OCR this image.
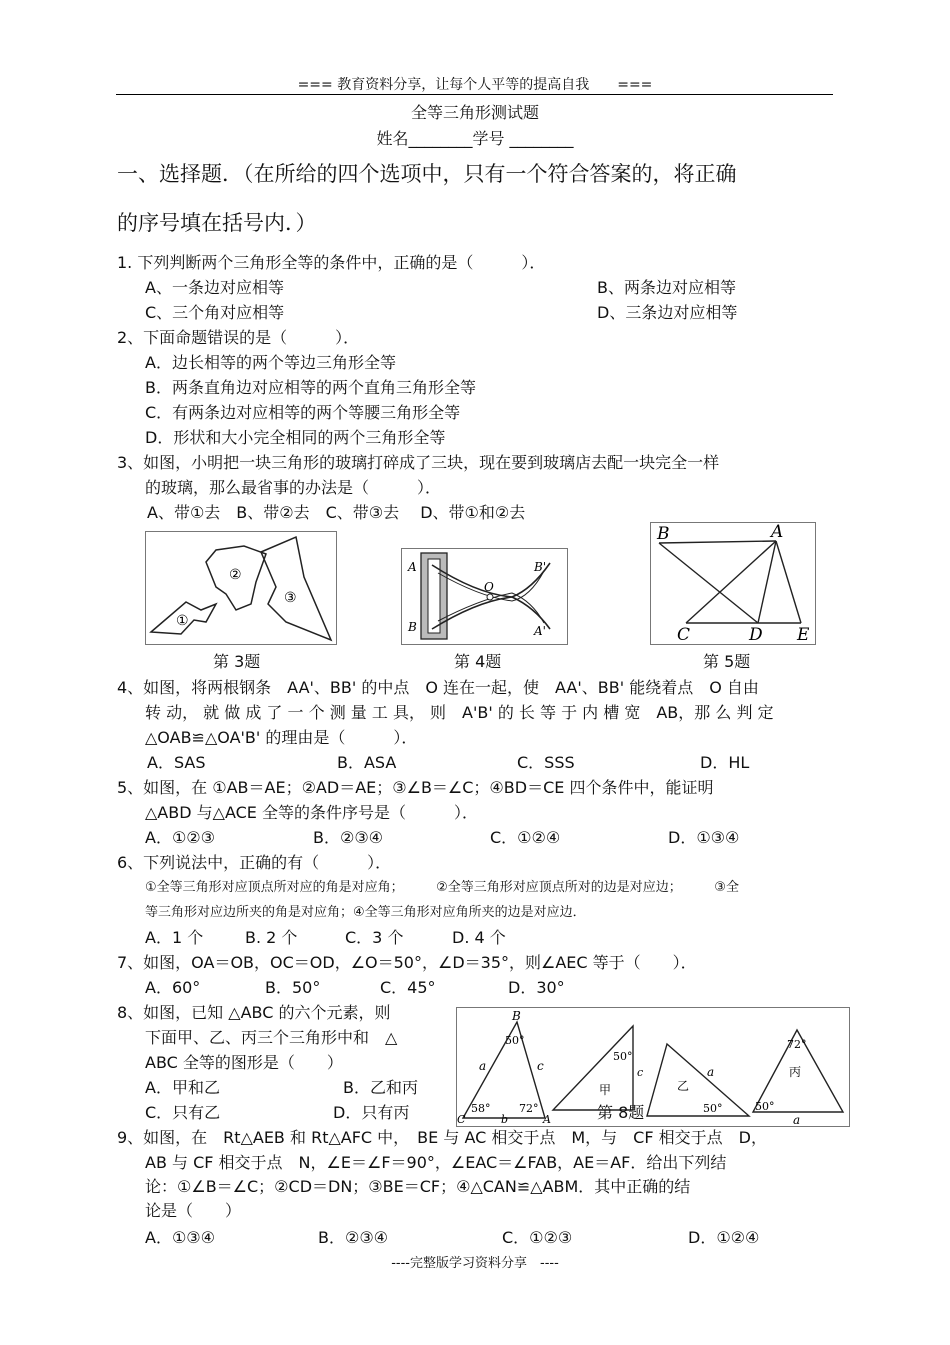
=== 教育资料分享，让每个人平等的提高自我　　===
全等三角形测试题
姓名________学号 ________
一、选择题．（在所给的四个选项中，只有一个符合答案的，将正确
的序号填在括号内．）
1. 下列判断两个三角形全等的条件中，正确的是（　　　）．
A、一条边对应相等	B、两条边对应相等
C、三个角对应相等	D、三条边对应相等
2、下面命题错误的是（　　　）．
A．边长相等的两个等边三角形全等
B．两条直角边对应相等的两个直角三角形全等
C．有两条边对应相等的两个等腰三角形全等
D．形状和大小完全相同的两个三角形全等
3、如图，小明把一块三角形的玻璃打碎成了三块，现在要到玻璃店去配一块完全一样
的玻璃，那么最省事的办法是（　　　）．
A、带①去　B、带②去　C、带③去　 D、带①和②去
①
②
③
A
B
O
B'
A'
B	A
C	D E
第 3题	第 4题	第 5题
4、如图，将两根钢条　AA'、BB' 的中点　O 连在一起，使　AA'、BB' 能绕着点　O 自由
转 动， 就 做 成 了 一 个 测 量 工 具， 则　A'B' 的 长 等 于 内 槽 宽　AB，那 么 判 定
△OAB≌△OA'B' 的理由是（　　　）．
A．SAS	B．ASA	C．SSS	D．HL
5、如图，在 ①AB＝AE；②AD＝AE；③∠B＝∠C；④BD＝CE 四个条件中，能证明
△ABD 与△ACE 全等的条件序号是（　　　）．
A．①②③	B．②③④	C．①②④	D．①③④
6、下列说法中，正确的有（　　　）．
①全等三角形对应顶点所对应的角是对应角；　　　②全等三角形对应顶点所对的边是对应边；　　　③全
等三角形对应边所夹的角是对应角；④全等三角形对应角所夹的边是对应边．
A．1 个	B. 2 个	C．3 个	D. 4 个
7、如图，OA＝OB，OC＝OD，∠O＝50°，∠D＝35°，则∠AEC 等于（　　）．
A．60°	B．50°	C．45°	D．30°
8、如图，已知 △ABC 的六个元素，则
下面甲、乙、丙三个三角形中和　△
ABC 全等的图形是（　　）
A．甲和乙	B．乙和丙
C．只有乙	D．只有丙
B
50°
a	c
58°	72°
b	A
C
50°
c
甲	乙
a
50°
72°
丙
50°
a
第 8题
9、如图，在　Rt△AEB 和 Rt△AFC 中，　BE 与 AC 相交于点　M，与　CF 相交于点　D，
AB 与 CF 相交于点　N，∠E＝∠F＝90°，∠EAC＝∠FAB，AE＝AF．给出下列结
论：①∠B＝∠C；②CD＝DN；③BE＝CF；④△CAN≌△ABM．其中正确的结
论是（　　）
A．①③④	B．②③④	C．①②③	D．①②④
----完整版学习资料分享　----
